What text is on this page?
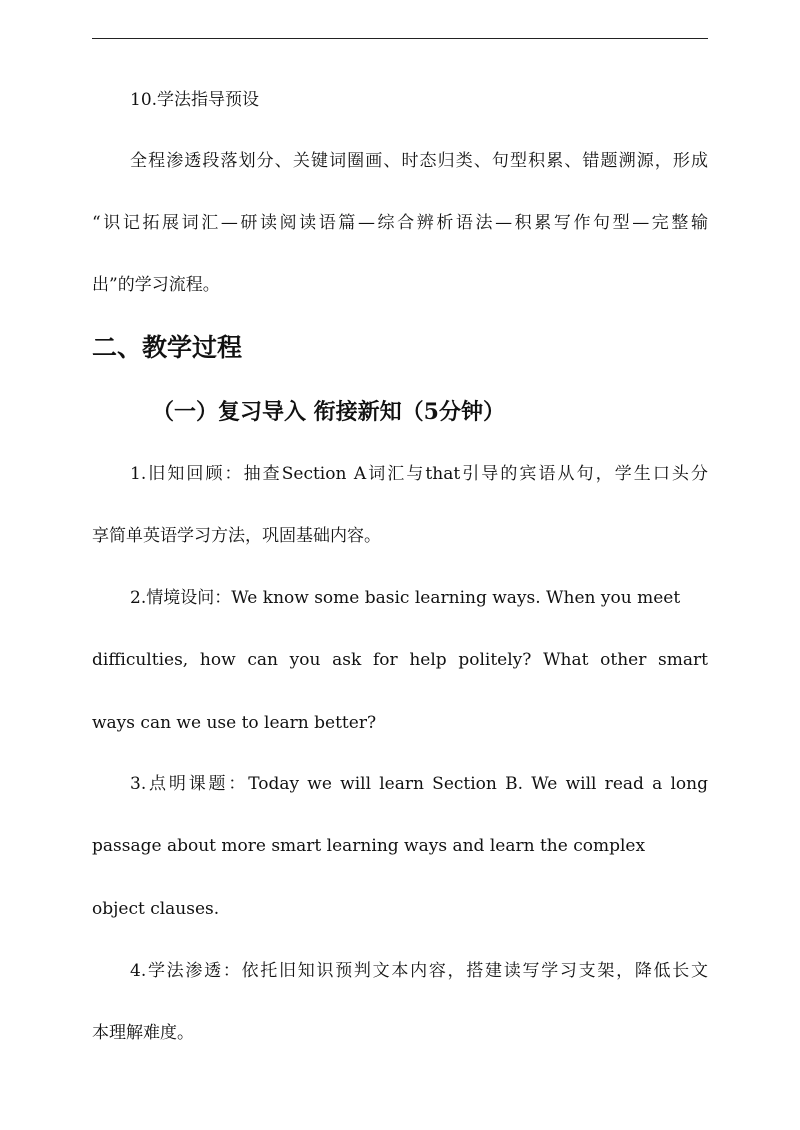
10.学法指导预设

全程渗透段落划分、关键词圈画、时态归类、句型积累、错题溯源，形成

“识记拓展词汇—研读阅读语篇—综合辨析语法—积累写作句型—完整输

出”的学习流程。

二、教学过程
（一）复习导入 衔接新知（5分钟）

1.旧知回顾：抽查Section A词汇与that引导的宾语从句，学生口头分

享简单英语学习方法，巩固基础内容。

2.情境设问：We know some basic learning ways. When you meet

difficulties, how can you ask for help politely? What other smart

ways can we use to learn better?

3.点明课题：Today we will learn Section B. We will read a long

passage about more smart learning ways and learn the complex

object clauses.

4.学法渗透：依托旧知识预判文本内容，搭建读写学习支架，降低长文

本理解难度。
